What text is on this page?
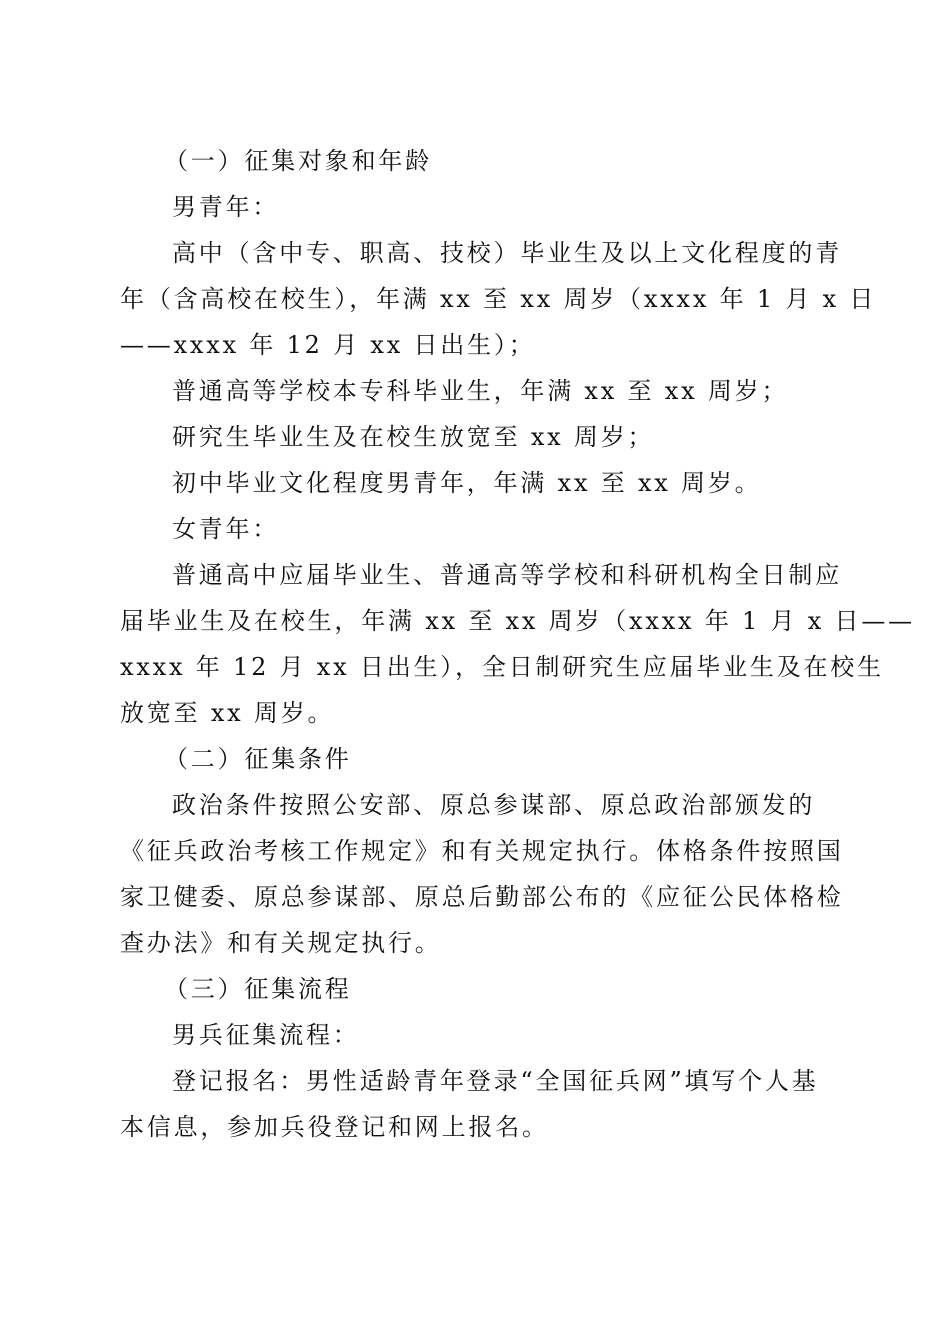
（一）征集对象和年龄

男青年：

高中（含中专、职高、技校）毕业生及以上文化程度的青
年（含高校在校生），年满 xx 至 xx 周岁（xxxx 年 1 月 x 日
——xxxx 年 12 月 xx 日出生）；

普通高等学校本专科毕业生，年满 xx 至 xx 周岁；

研究生毕业生及在校生放宽至 xx 周岁；

初中毕业文化程度男青年，年满 xx 至 xx 周岁。

女青年：

普通高中应届毕业生、普通高等学校和科研机构全日制应
届毕业生及在校生，年满 xx 至 xx 周岁（xxxx 年 1 月 x 日——
xxxx 年 12 月 xx 日出生），全日制研究生应届毕业生及在校生
放宽至 xx 周岁。

（二）征集条件

政治条件按照公安部、原总参谋部、原总政治部颁发的
《征兵政治考核工作规定》和有关规定执行。体格条件按照国
家卫健委、原总参谋部、原总后勤部公布的《应征公民体格检
查办法》和有关规定执行。

（三）征集流程

男兵征集流程：

登记报名：男性适龄青年登录“全国征兵网”填写个人基
本信息，参加兵役登记和网上报名。
